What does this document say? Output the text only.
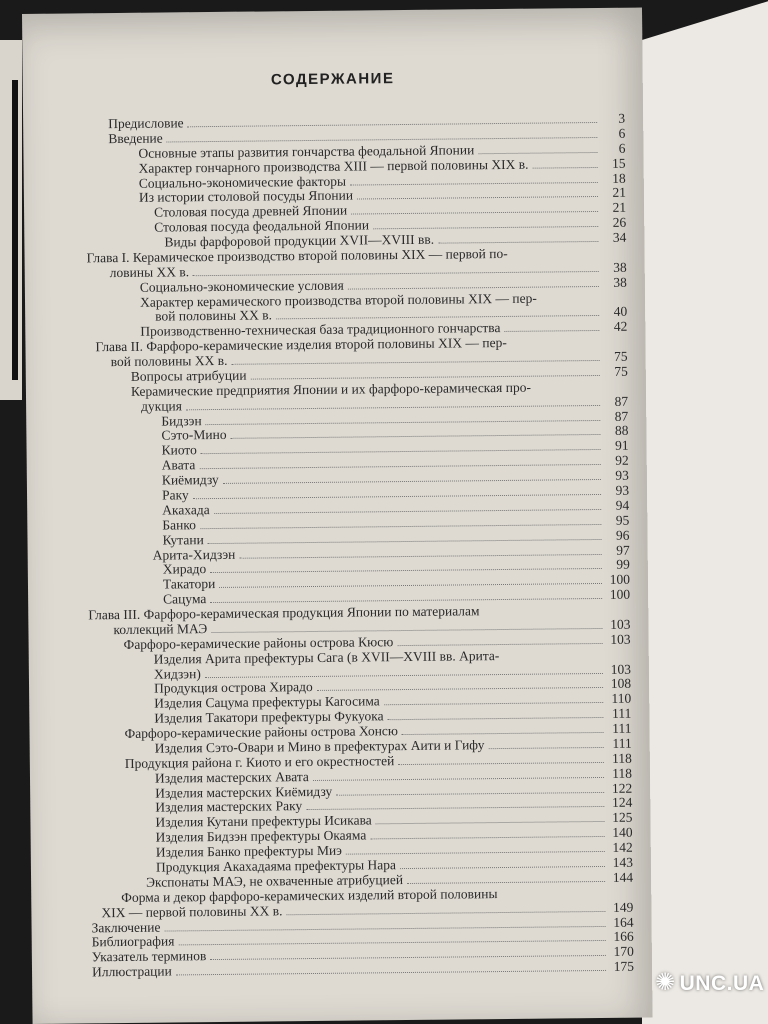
СОДЕРЖАНИЕ
Предисловие	3
Введение	6
Основные этапы развития гончарства феодальной Японии	6
Характер гончарного производства XIII — первой половины XIX в.	15
Социально-экономические факторы	18
Из истории столовой посуды Японии	21
Столовая посуда древней Японии	21
Столовая посуда феодальной Японии	26
Виды фарфоровой продукции XVII—XVIII вв.	34
Глава I. Керамическое производство второй половины XIX — первой по-
ловины XX в.	38
Социально-экономические условия	38
Характер керамического производства второй половины XIX — пер-
вой половины XX в.	40
Производственно-техническая база традиционного гончарства	42
Глава II. Фарфоро-керамические изделия второй половины XIX — пер-
вой половины XX в.	75
Вопросы атрибуции	75
Керамические предприятия Японии и их фарфоро-керамическая про-
дукция	87
Бидзэн	87
Сэто-Мино	88
Киото	91
Авата	92
Киёмидзу	93
Раку	93
Акахада	94
Банко	95
Кутани	96
Арита-Хидзэн	97
Хирадо	99
Такатори	100
Сацума	100
Глава III. Фарфоро-керамическая продукция Японии по материалам
коллекций МАЭ	103
Фарфоро-керамические районы острова Кюсю	103
Изделия Арита префектуры Сага (в XVII—XVIII вв. Арита-
Хидзэн)	103
Продукция острова Хирадо	108
Изделия Сацума префектуры Кагосима	110
Изделия Такатори префектуры Фукуока	111
Фарфоро-керамические районы острова Хонсю	111
Изделия Сэто-Овари и Мино в префектурах Аити и Гифу	111
Продукция района г. Киото и его окрестностей	118
Изделия мастерских Авата	118
Изделия мастерских Киёмидзу	122
Изделия мастерских Раку	124
Изделия Кутани префектуры Исикава	125
Изделия Бидзэн префектуры Окаяма	140
Изделия Банко префектуры Миэ	142
Продукция Акахадаяма префектуры Нара	143
Экспонаты МАЭ, не охваченные атрибуцией	144
Форма и декор фарфоро-керамических изделий второй половины
XIX — первой половины XX в.	149
Заключение	164
Библиография	166
Указатель терминов	170
Иллюстрации	175
✺ UNC.UA
